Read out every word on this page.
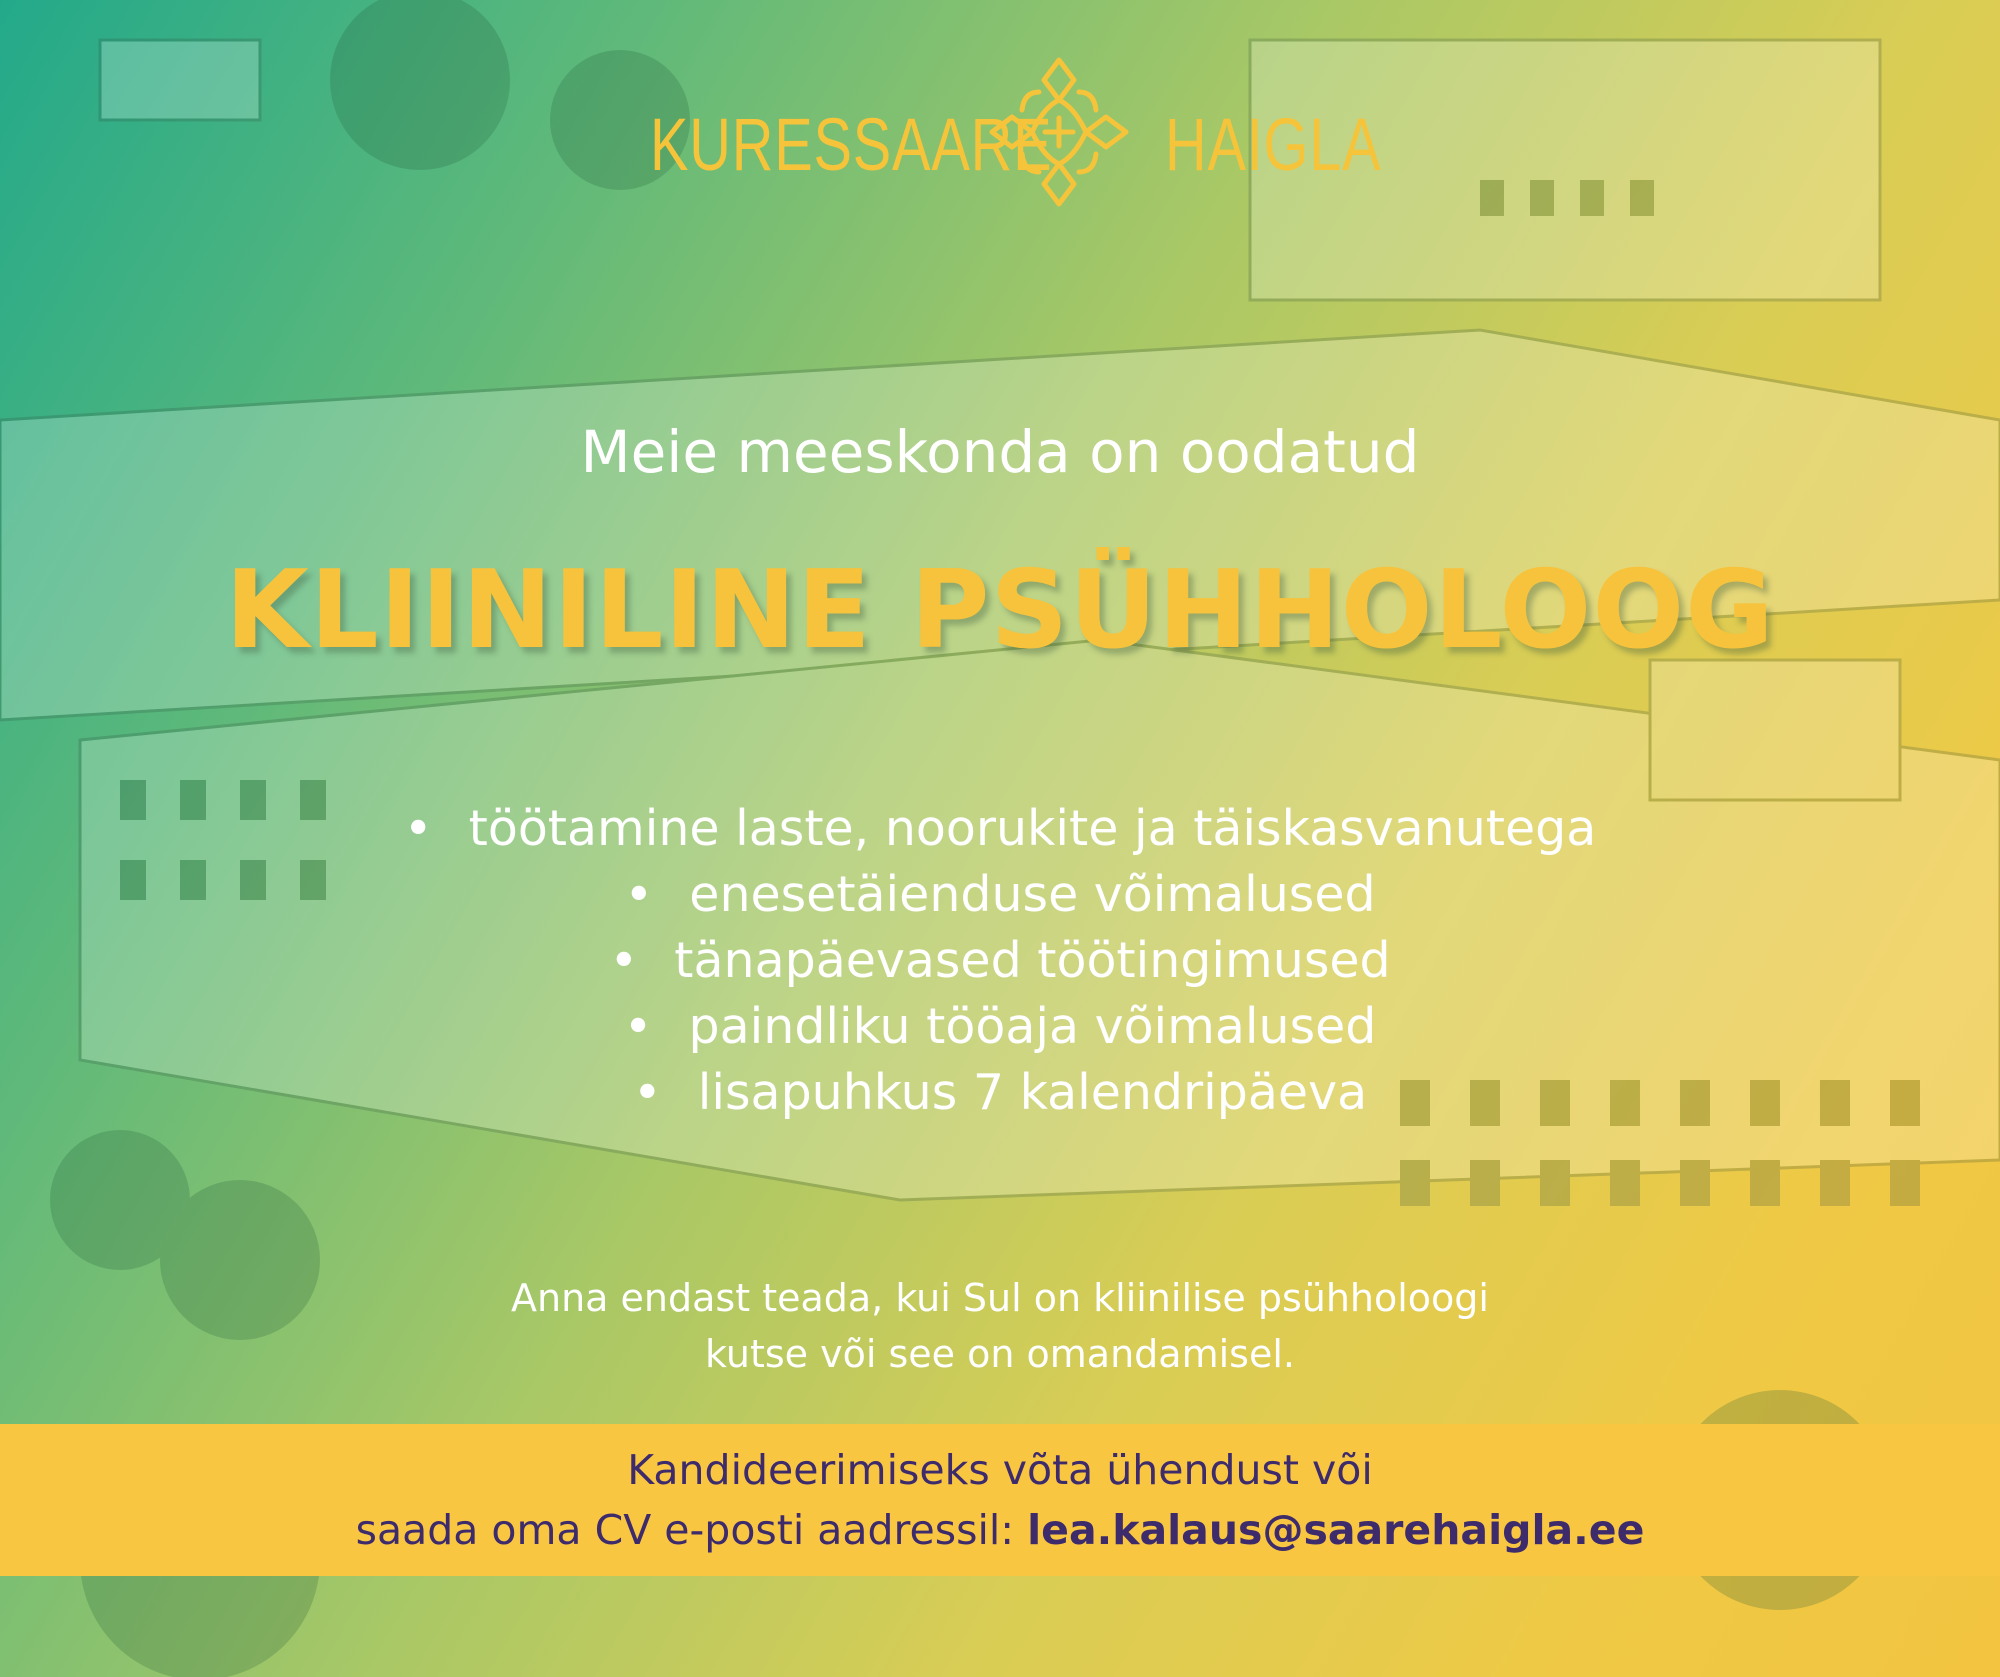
KURESSAARE HAIGLA
Meie meeskonda on oodatud
KLIINILINE PSÜHHOLOOG
• töötamine laste, noorukite ja täiskasvanutega
• enesetäienduse võimalused
• tänapäevased töötingimused
• paindliku tööaja võimalused
• lisapuhkus 7 kalendripäeva
Anna endast teada, kui Sul on kliinilise psühholoogi
kutse või see on omandamisel.
Kandideerimiseks võta ühendust või
saada oma CV e-posti aadressil: lea.kalaus@saarehaigla.ee
